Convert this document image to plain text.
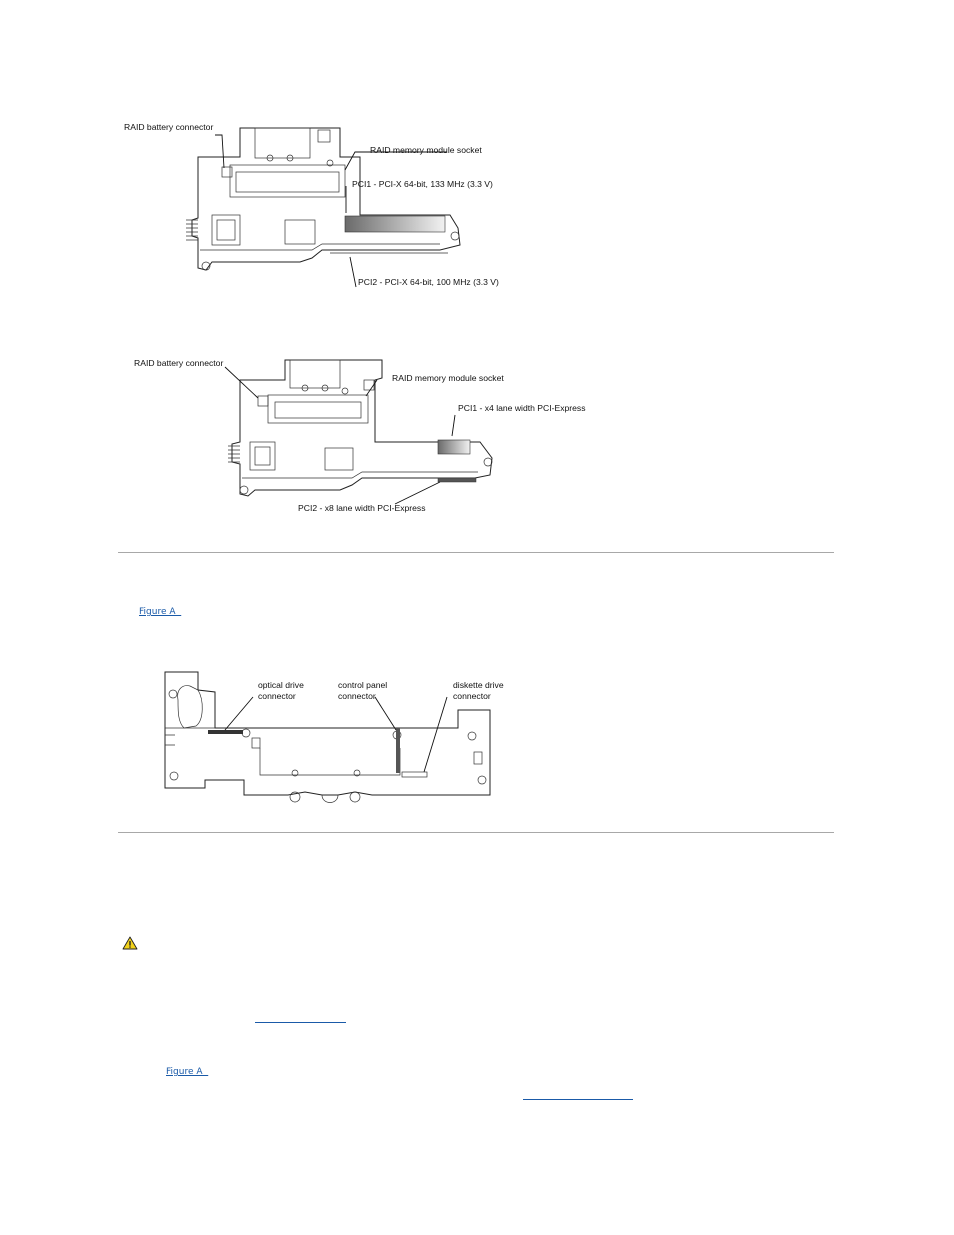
RAID battery connector
RAID memory module socket
PCI1 - PCI-X 64-bit, 133 MHz (3.3 V)
PCI2 - PCI-X 64-bit, 100 MHz (3.3 V)
RAID battery connector
RAID memory module socket
PCI1 - x4 lane width PCI-Express
PCI2 - x8 lane width PCI-Express
optical drive
connector
control panel
connector
diskette drive
connector
Figure A
Figure A
